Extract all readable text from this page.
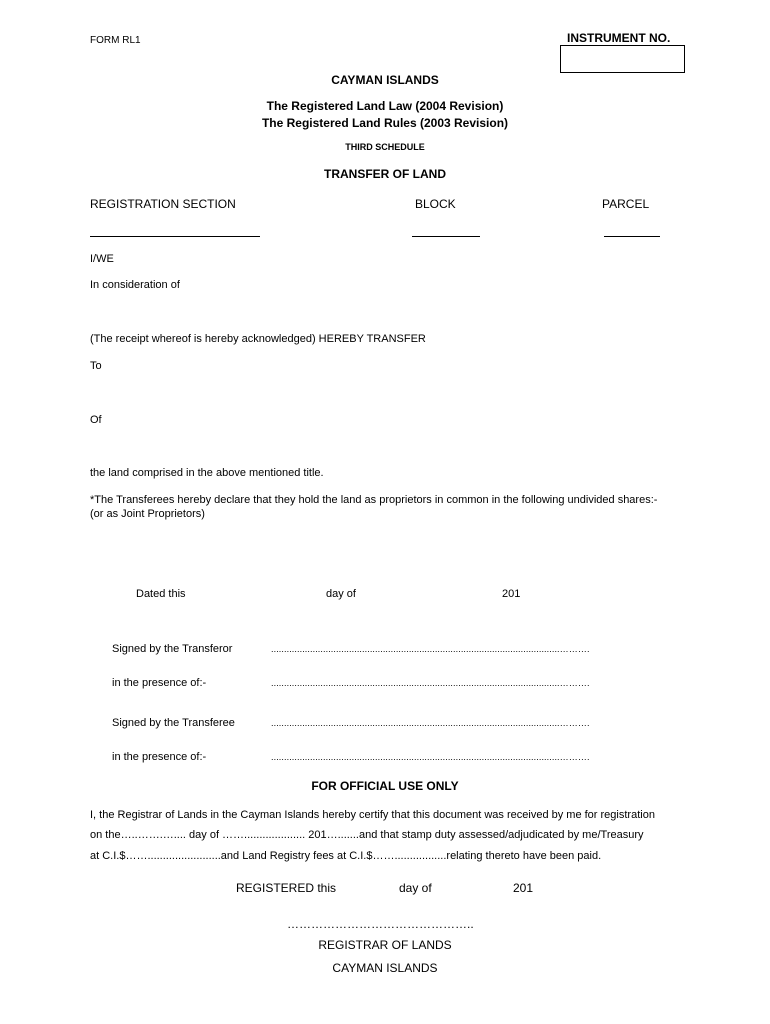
FORM RL1	INSTRUMENT NO.
CAYMAN ISLANDS
The Registered Land Law (2004 Revision)
The Registered Land Rules (2003 Revision)
THIRD SCHEDULE
TRANSFER OF LAND
REGISTRATION SECTION	BLOCK	PARCEL
I/WE
In consideration of
(The receipt whereof is hereby acknowledged) HEREBY TRANSFER
To
Of
the land comprised in the above mentioned title.
*The Transferees hereby declare that they hold the land as proprietors in common in the following undivided shares:-
(or as Joint Proprietors)
Dated this	day of	201
Signed by the Transferor	...............................................................................................................……….
in the presence of:-	...............................................................................................................……….
Signed by the Transferee	...............................................................................................................……….
in the presence of:-	...............................................................................................................……….
FOR OFFICIAL USE ONLY
I, the Registrar of Lands in the Cayman Islands hereby certify that this document was received by me for registration
on the…..…….….... day of …….................... 201….......and that stamp duty assessed/adjudicated by me/Treasury
at C.I.$……........................and Land Registry fees at C.I.$…….................relating thereto have been paid.
REGISTERED this	day of	201
………………………………………..
REGISTRAR OF LANDS
CAYMAN ISLANDS
